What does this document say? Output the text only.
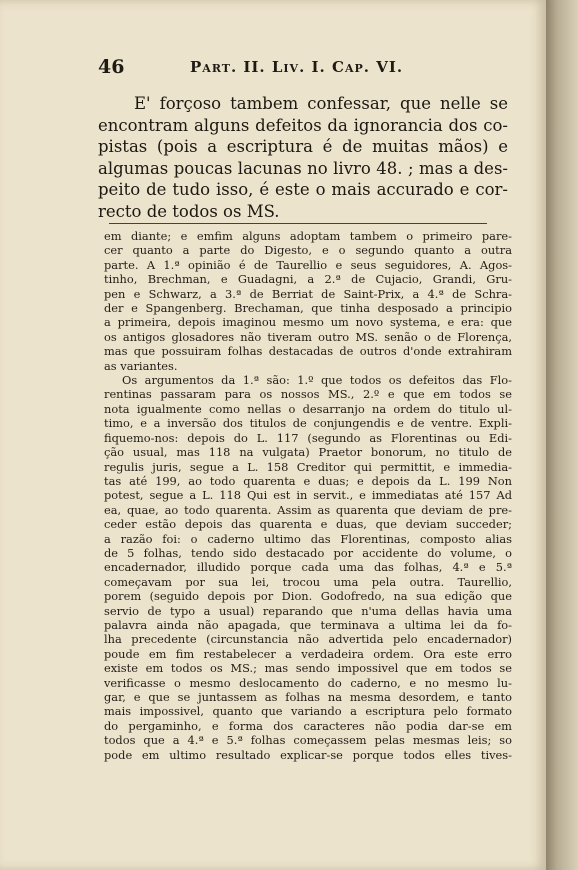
46	Part. II. Liv. I. Cap. VI.
E' forçoso tambem confessar, que nelle se
encontram alguns defeitos da ignorancia dos co-
pistas (pois a escriptura é de muitas mãos) e
algumas poucas lacunas no livro 48. ; mas a des-
peito de tudo isso, é este o mais accurado e cor-
recto de todos os MS.
em diante; e emfim alguns adoptam tambem o primeiro pare-
cer quanto a parte do Digesto, e o segundo quanto a outra
parte. A 1.ª opinião é de Taurellio e seus seguidores, A. Agos-
tinho, Brechman, e Guadagni, a 2.ª de Cujacio, Grandi, Gru-
pen e Schwarz, a 3.ª de Berriat de Saint-Prix, a 4.ª de Schra-
der e Spangenberg. Brechaman, que tinha desposado a principio
a primeira, depois imaginou mesmo um novo systema, e era: que
os antigos glosadores não tiveram outro MS. senão o de Florença,
mas que possuiram folhas destacadas de outros d'onde extrahiram
as variantes.
Os argumentos da 1.ª são: 1.º que todos os defeitos das Flo-
rentinas passaram para os nossos MS., 2.º e que em todos se
nota igualmente como nellas o desarranjo na ordem do titulo ul-
timo, e a inversão dos titulos de conjungendis e de ventre. Expli-
fiquemo-nos: depois do L. 117 (segundo as Florentinas ou Edi-
ção usual, mas 118 na vulgata) Praetor bonorum, no titulo de
regulis juris, segue a L. 158 Creditor qui permittit, e immedia-
tas até 199, ao todo quarenta e duas; e depois da L. 199 Non
potest, segue a L. 118 Qui est in servit., e immediatas até 157 Ad
ea, quae, ao todo quarenta. Assim as quarenta que deviam de pre-
ceder estão depois das quarenta e duas, que deviam succeder;
a razão foi: o caderno ultimo das Florentinas, composto alias
de 5 folhas, tendo sido destacado por accidente do volume, o
encadernador, illudido porque cada uma das folhas, 4.ª e 5.ª
começavam por sua lei, trocou uma pela outra. Taurellio,
porem (seguido depois por Dion. Godofredo, na sua edição que
servio de typo a usual) reparando que n'uma dellas havia uma
palavra ainda não apagada, que terminava a ultima lei da fo-
lha precedente (circunstancia não advertida pelo encadernador)
poude em fim restabelecer a verdadeira ordem. Ora este erro
existe em todos os MS.; mas sendo impossivel que em todos se
verificasse o mesmo deslocamento do caderno, e no mesmo lu-
gar, e que se juntassem as folhas na mesma desordem, e tanto
mais impossivel, quanto que variando a escriptura pelo formato
do pergaminho, e forma dos caracteres não podia dar-se em
todos que a 4.ª e 5.ª folhas começassem pelas mesmas leis; so
pode em ultimo resultado explicar-se porque todos elles tives-
